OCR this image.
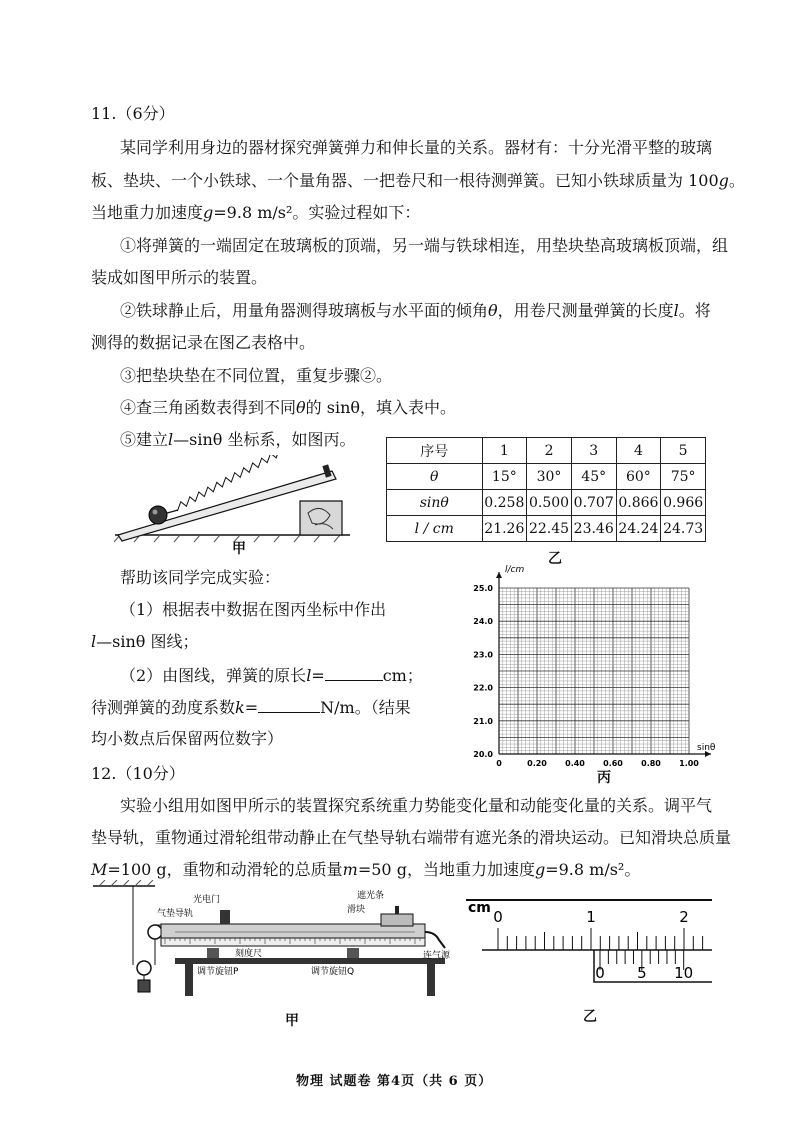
11.（6分）
某同学利用身边的器材探究弹簧弹力和伸长量的关系。器材有：十分光滑平整的玻璃
板、垫块、一个小铁球、一个量角器、一把卷尺和一根待测弹簧。已知小铁球质量为 100g。
当地重力加速度g=9.8 m/s²。实验过程如下：
①将弹簧的一端固定在玻璃板的顶端，另一端与铁球相连，用垫块垫高玻璃板顶端，组
装成如图甲所示的装置。
②铁球静止后，用量角器测得玻璃板与水平面的倾角θ，用卷尺测量弹簧的长度l。将
测得的数据记录在图乙表格中。
③把垫块垫在不同位置，重复步骤②。
④查三角函数表得到不同θ的 sinθ，填入表中。
⑤建立l—sinθ 坐标系，如图丙。
甲
序号	1	2	3	4	5
θ	15°	30°	45°	60°	75°
sinθ	0.258	0.500	0.707	0.866	0.966
l / cm	21.26	22.45	23.46	24.24	24.73
乙
帮助该同学完成实验：
（1）根据表中数据在图丙坐标中作出
l—sinθ 图线；
（2）由图线，弹簧的原长l=	cm；
待测弹簧的劲度系数k=	N/m。（结果
均小数点后保留两位数字）
0	0.20 0.40 0.60 0.80 1.00
20.0
21.0
22.0
23.0
24.0
25.0
l/cm
sinθ
丙
12.（10分）
实验小组用如图甲所示的装置探究系统重力势能变化量和动能变化量的关系。调平气
垫导轨，重物通过滑轮组带动静止在气垫导轨右端带有遮光条的滑块运动。已知滑块总质量
M=100 g，重物和动滑轮的总质量m=50 g，当地重力加速度g=9.8 m/s²。
光电门
气垫导轨
遮光条
滑块
刻度尺
调节旋钮P	调节旋钮Q
连气源
甲
cm 0	1	2
0 5 10
乙
物理 试题卷 第4页（共 6 页）
